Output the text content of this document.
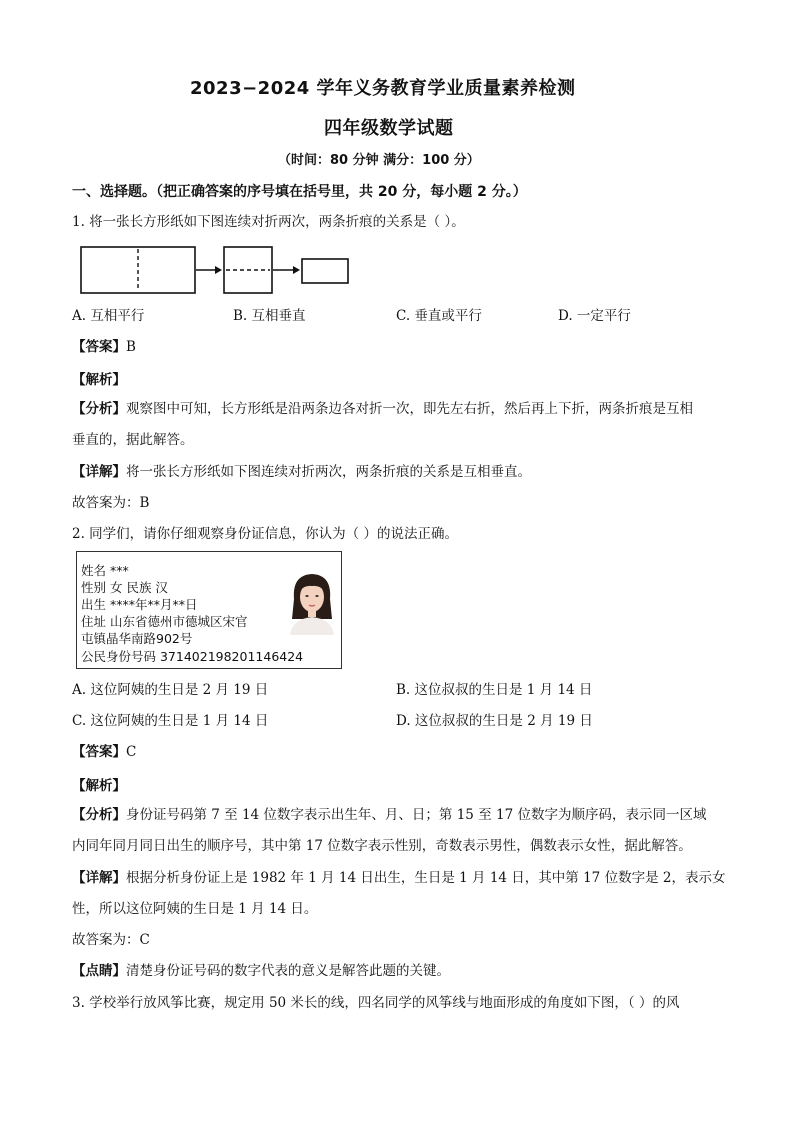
2023−2024 学年义务教育学业质量素养检测
四年级数学试题
（时间：80 分钟 满分：100 分）
一、选择题。（把正确答案的序号填在括号里，共 20 分，每小题 2 分。）
1. 将一张长方形纸如下图连续对折两次，两条折痕的关系是（ ）。
A. 互相平行	B. 互相垂直	C. 垂直或平行	D. 一定平行
【答案】B
【解析】
【分析】观察图中可知，长方形纸是沿两条边各对折一次，即先左右折，然后再上下折，两条折痕是互相
垂直的，据此解答。
【详解】将一张长方形纸如下图连续对折两次，两条折痕的关系是互相垂直。
故答案为：B
2. 同学们，请你仔细观察身份证信息，你认为（ ）的说法正确。
姓名 ***
性别 女 民族 汉
出生 ****年**月**日
住址 山东省德州市德城区宋官
屯镇晶华南路902号
公民身份号码 371402198201146424
A. 这位阿姨的生日是 2 月 19 日	B. 这位叔叔的生日是 1 月 14 日
C. 这位阿姨的生日是 1 月 14 日	D. 这位叔叔的生日是 2 月 19 日
【答案】C
【解析】
【分析】身份证号码第 7 至 14 位数字表示出生年、月、日；第 15 至 17 位数字为顺序码，表示同一区域
内同年同月同日出生的顺序号，其中第 17 位数字表示性别，奇数表示男性，偶数表示女性，据此解答。
【详解】根据分析身份证上是 1982 年 1 月 14 日出生，生日是 1 月 14 日，其中第 17 位数字是 2，表示女
性，所以这位阿姨的生日是 1 月 14 日。
故答案为：C
【点睛】清楚身份证号码的数字代表的意义是解答此题的关键。
3. 学校举行放风筝比赛，规定用 50 米长的线，四名同学的风筝线与地面形成的角度如下图，（ ）的风
